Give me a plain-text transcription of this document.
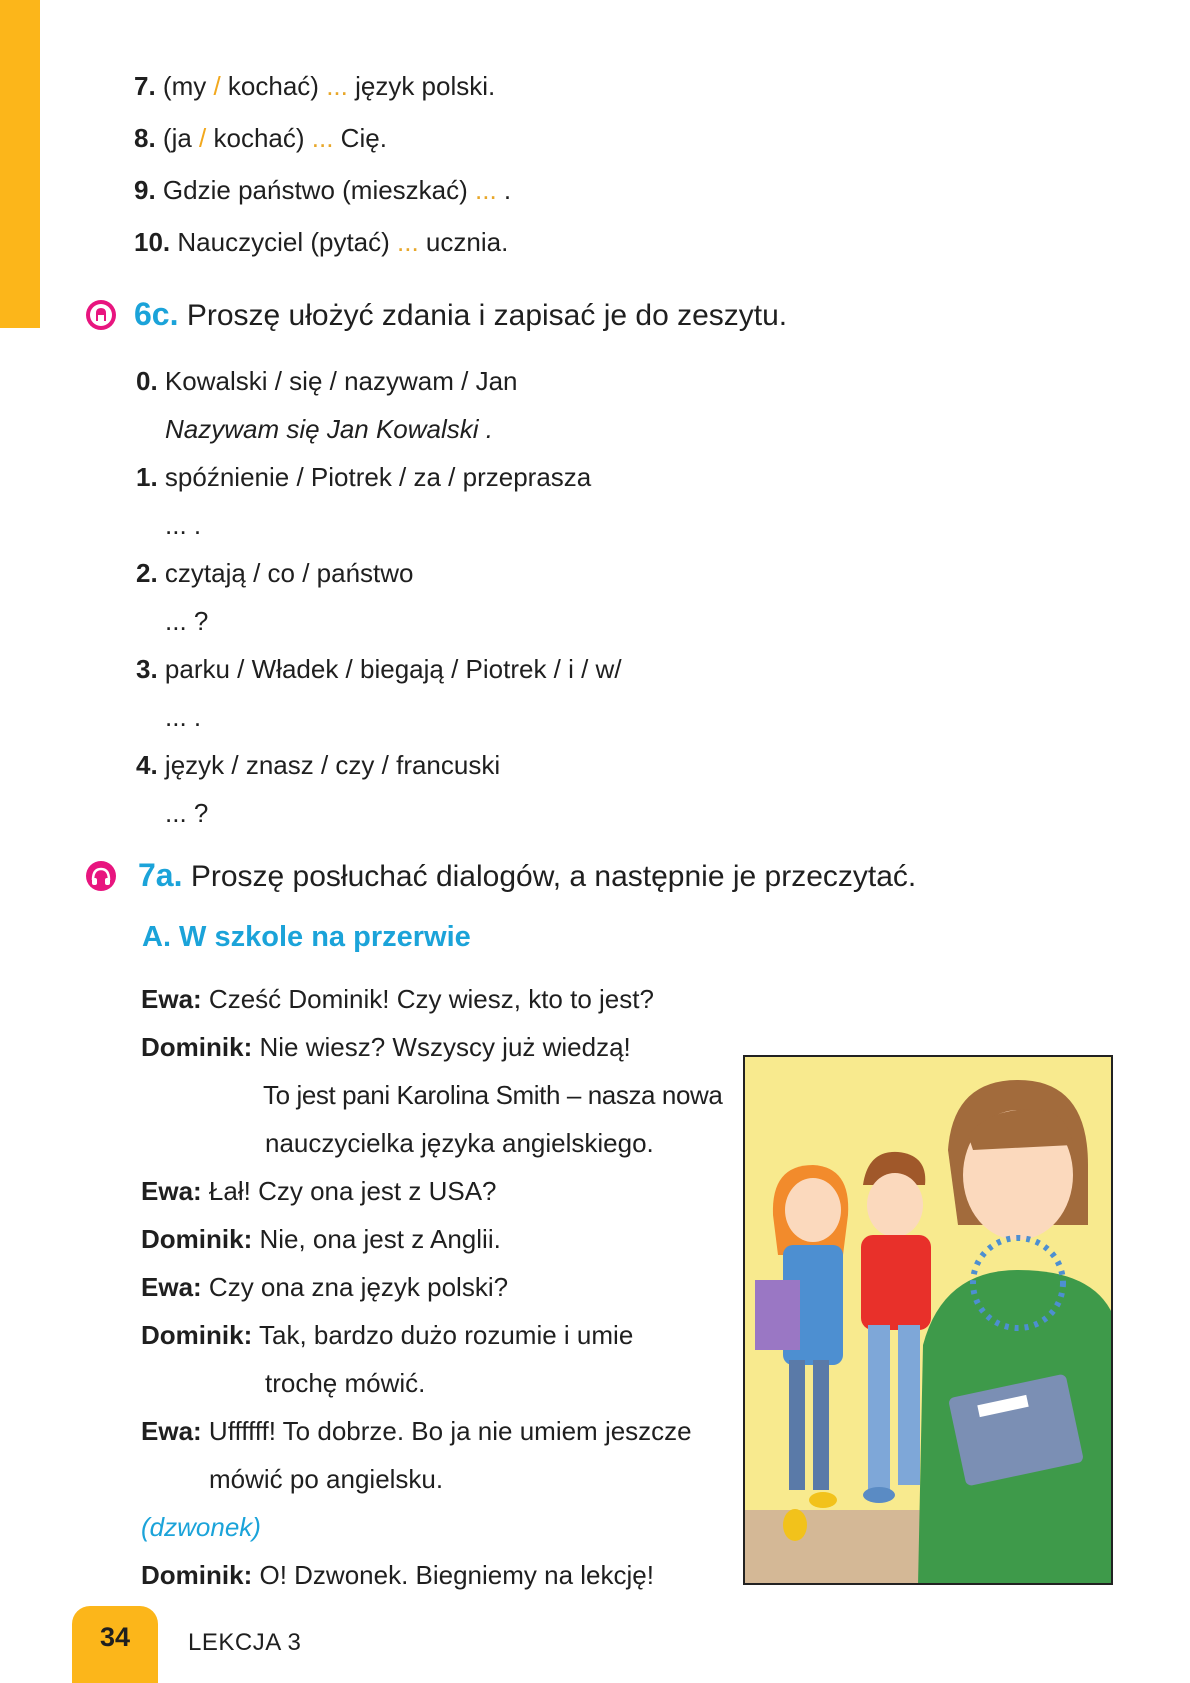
7. (my / kochać) ... język polski.
8. (ja / kochać) ... Cię.
9. Gdzie państwo (mieszkać) ... .
10. Nauczyciel (pytać) ... ucznia.
6c. Proszę ułożyć zdania i zapisać je do zeszytu.
0. Kowalski / się / nazywam / Jan
Nazywam się Jan Kowalski .
1. spóźnienie / Piotrek / za / przeprasza
... .
2. czytają / co / państwo
... ?
3. parku / Władek / biegają / Piotrek / i / w/
... .
4. język / znasz / czy / francuski
... ?
7a. Proszę posłuchać dialogów, a następnie je przeczytać.
A. W szkole na przerwie
Ewa: Cześć Dominik! Czy wiesz, kto to jest?
Dominik: Nie wiesz? Wszyscy już wiedzą!
To jest pani Karolina Smith – nasza nowa
nauczycielka języka angielskiego.
Ewa: Łał! Czy ona jest z USA?
Dominik: Nie, ona jest z Anglii.
Ewa: Czy ona zna język polski?
Dominik: Tak, bardzo dużo rozumie i umie
trochę mówić.
Ewa: Uffffff! To dobrze. Bo ja nie umiem jeszcze
mówić po angielsku.
(dzwonek)
Dominik: O! Dzwonek. Biegniemy na lekcję!
34	LEKCJA 3
